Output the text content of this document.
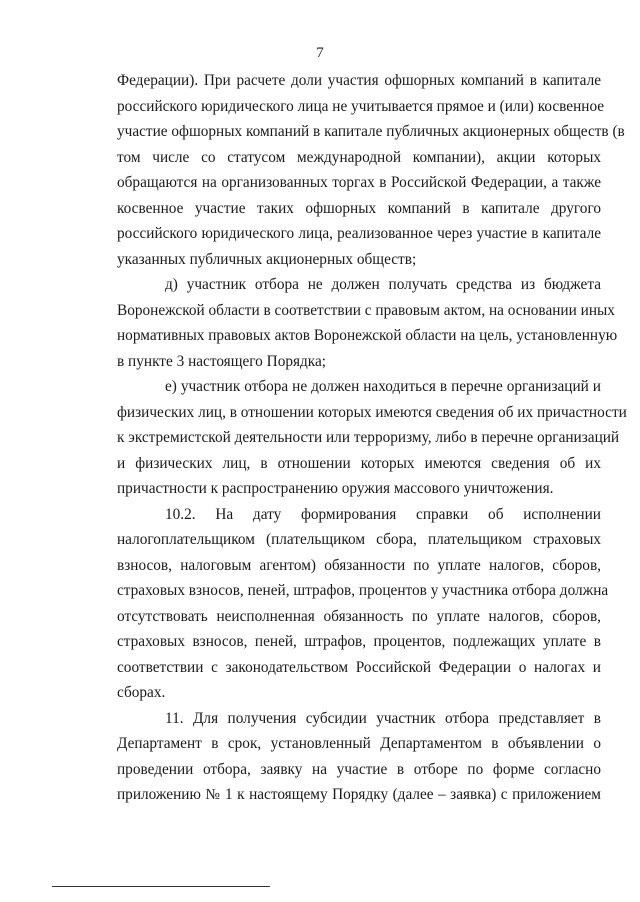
7
Федерации). При расчете доли участия офшорных компаний в капитале
российского юридического лица не учитывается прямое и (или) косвенное
участие офшорных компаний в капитале публичных акционерных обществ (в
том числе со статусом международной компании), акции которых
обращаются на организованных торгах в Российской Федерации, а также
косвенное участие таких офшорных компаний в капитале другого
российского юридического лица, реализованное через участие в капитале
указанных публичных акционерных обществ;
д) участник отбора не должен получать средства из бюджета
Воронежской области в соответствии с правовым актом, на основании иных
нормативных правовых актов Воронежской области на цель, установленную
в пункте 3 настоящего Порядка;
е) участник отбора не должен находиться в перечне организаций и
физических лиц, в отношении которых имеются сведения об их причастности
к экстремистской деятельности или терроризму, либо в перечне организаций
и физических лиц, в отношении которых имеются сведения об их
причастности к распространению оружия массового уничтожения.
10.2. На дату формирования справки об исполнении
налогоплательщиком (плательщиком сбора, плательщиком страховых
взносов, налоговым агентом) обязанности по уплате налогов, сборов,
страховых взносов, пеней, штрафов, процентов у участника отбора должна
отсутствовать неисполненная обязанность по уплате налогов, сборов,
страховых взносов, пеней, штрафов, процентов, подлежащих уплате в
соответствии с законодательством Российской Федерации о налогах и
сборах.
11. Для получения субсидии участник отбора представляет в
Департамент в срок, установленный Департаментом в объявлении о
проведении отбора, заявку на участие в отборе по форме согласно
приложению № 1 к настоящему Порядку (далее – заявка) с приложением
